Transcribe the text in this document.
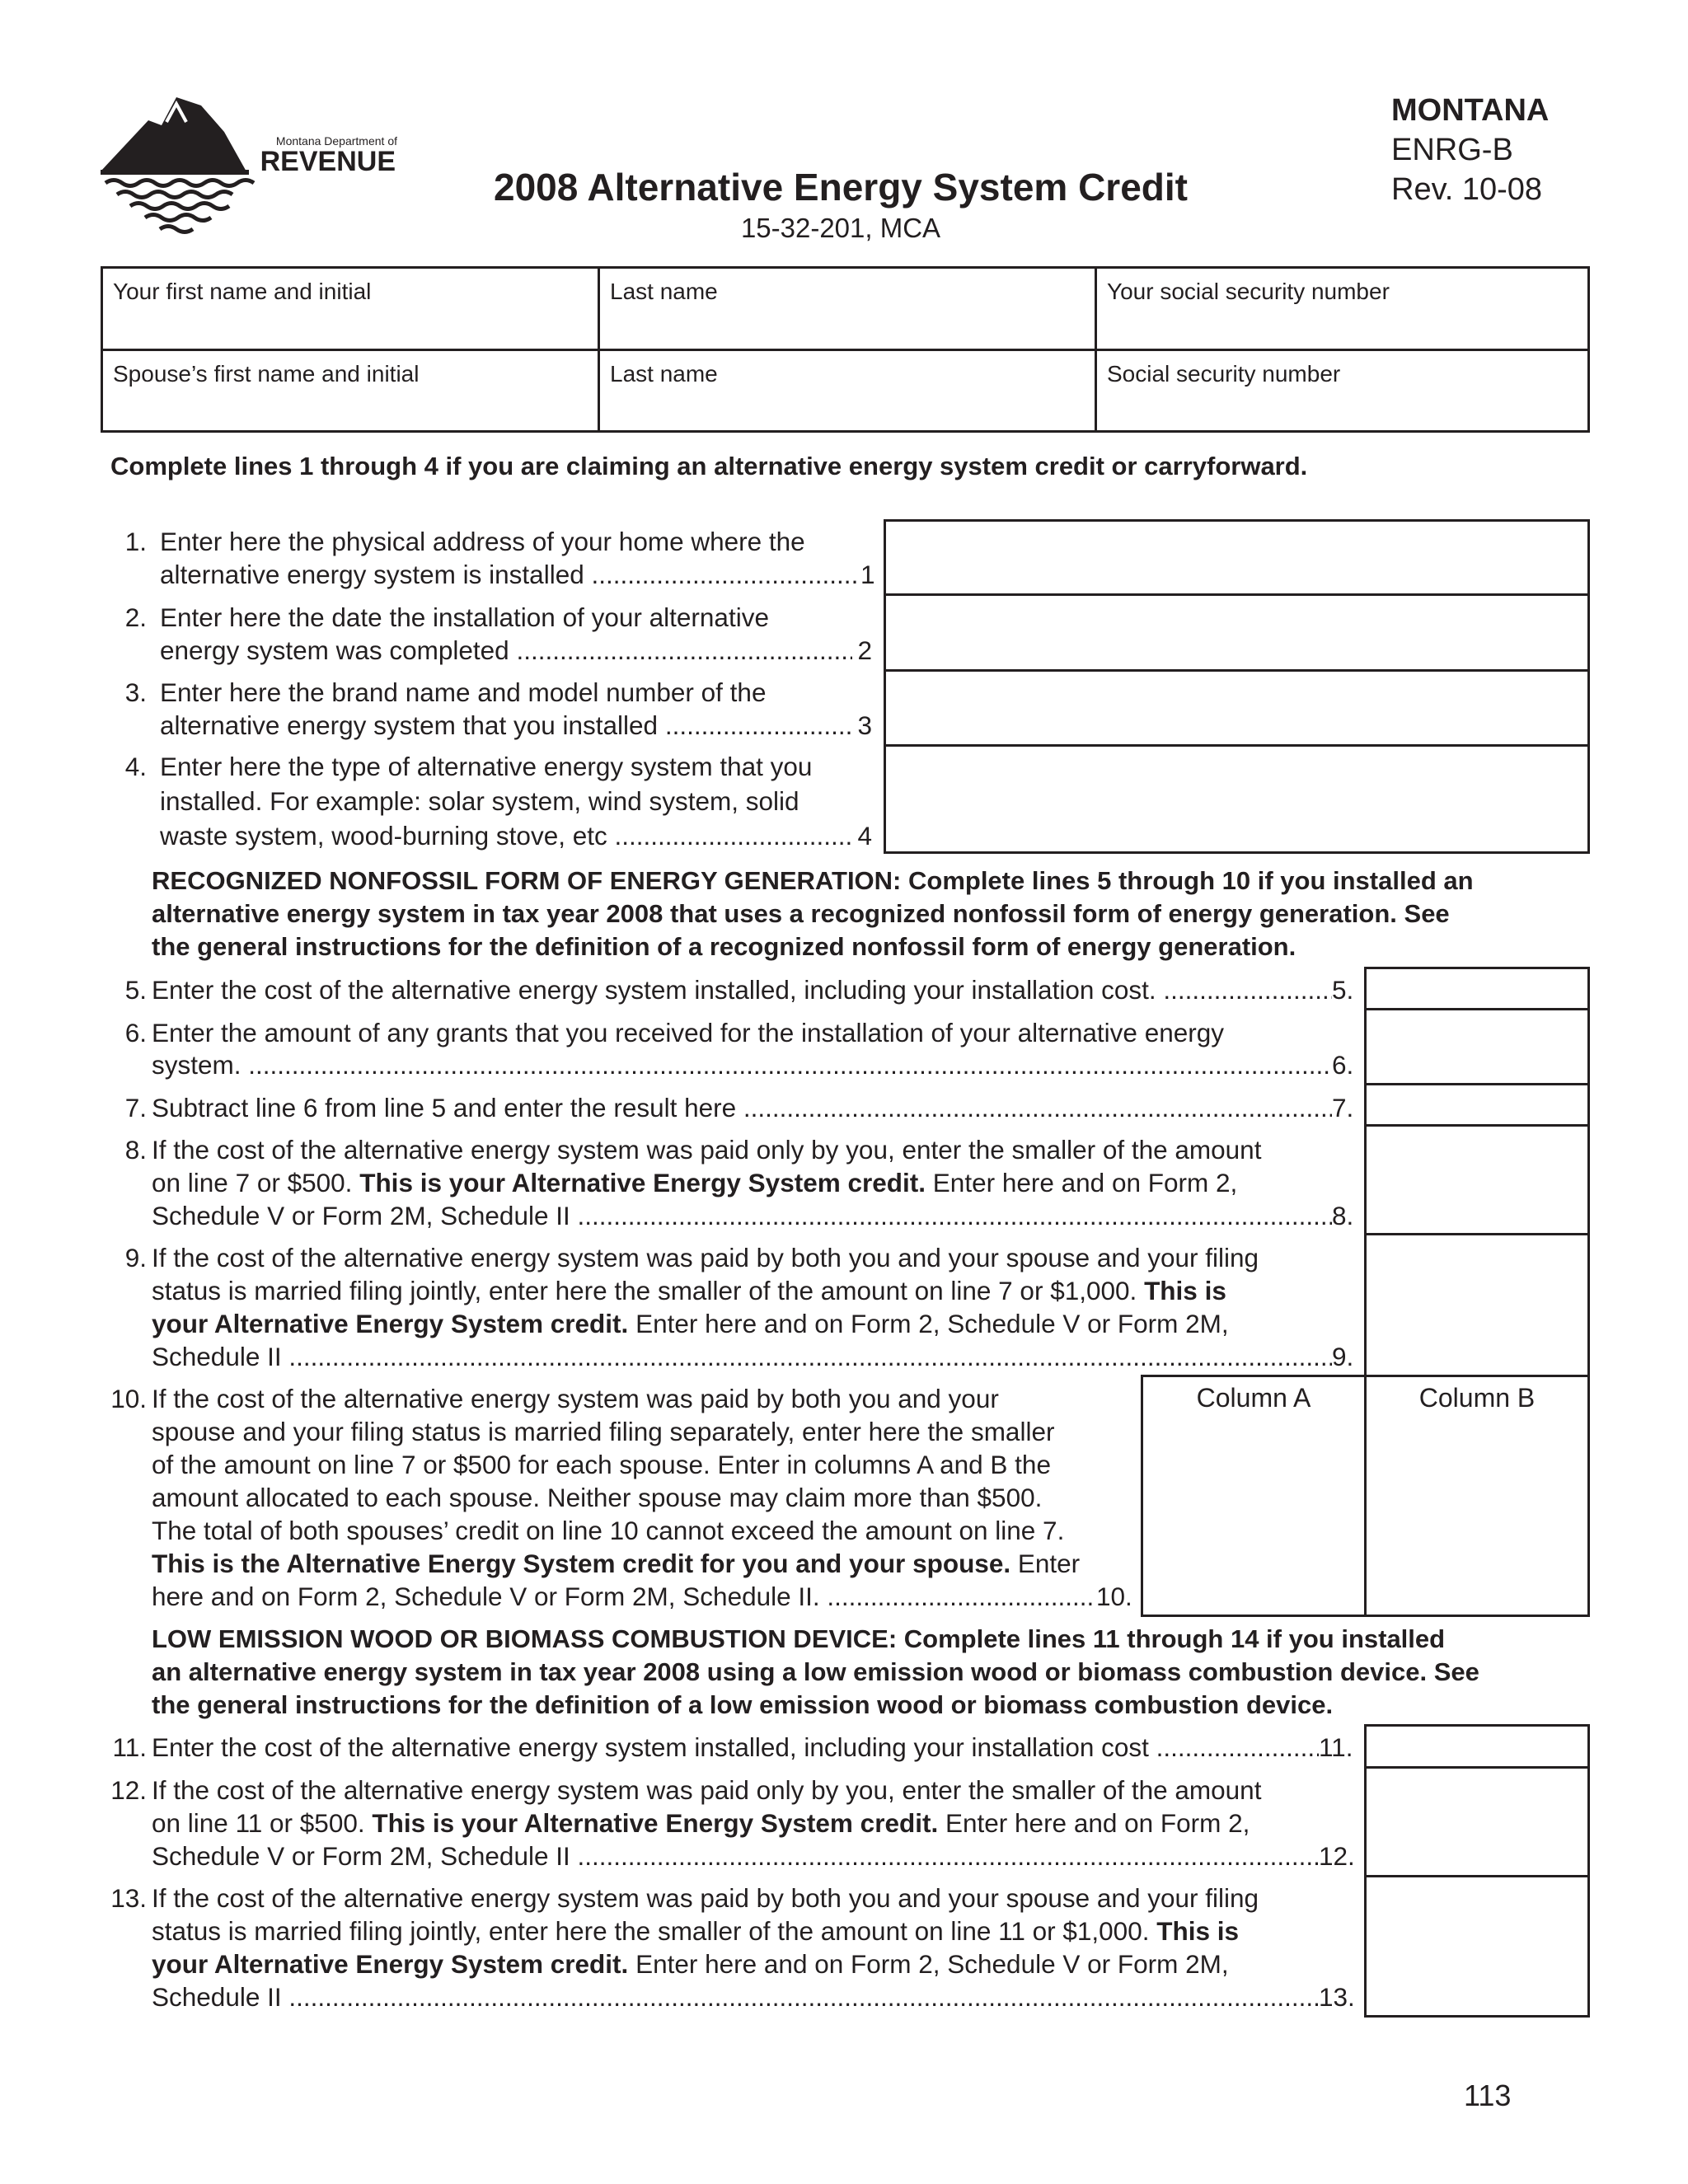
Montana Department of
REVENUE
2008 Alternative Energy System Credit
15-32-201, MCA
MONTANA
ENRG-B
Rev. 10-08
Your first name and initial	Last name	Your social security number
Spouse’s first name and initial	Last name	Social security number
Complete lines 1 through 4 if you are claiming an alternative energy system credit or carryforward.
1. Enter here the physical address of your home where the
alternative energy system is installed .....	1
2. Enter here the date the installation of your alternative
energy system was completed .....	2
3. Enter here the brand name and model number of the
alternative energy system that you installed .....	3
4. Enter here the type of alternative energy system that you
installed. For example: solar system, wind system, solid
waste system, wood-burning stove, etc .....	4
RECOGNIZED NONFOSSIL FORM OF ENERGY GENERATION: Complete lines 5 through 10 if you installed an
alternative energy system in tax year 2008 that uses a recognized nonfossil form of energy generation. See
the general instructions for the definition of a recognized nonfossil form of energy generation.
5. Enter the cost of the alternative energy system installed, including your installation cost. .....	5.
6. Enter the amount of any grants that you received for the installation of your alternative energy
system. .....	6.
7. Subtract line 6 from line 5 and enter the result here .....	7.
8. If the cost of the alternative energy system was paid only by you, enter the smaller of the amount
on line 7 or $500. This is your Alternative Energy System credit. Enter here and on Form 2,
Schedule V or Form 2M, Schedule II .....	8.
9. If the cost of the alternative energy system was paid by both you and your spouse and your filing
status is married filing jointly, enter here the smaller of the amount on line 7 or $1,000. This is
your Alternative Energy System credit. Enter here and on Form 2, Schedule V or Form 2M,
Schedule II .....	9.
10. If the cost of the alternative energy system was paid by both you and your
spouse and your filing status is married filing separately, enter here the smaller
of the amount on line 7 or $500 for each spouse. Enter in columns A and B the
amount allocated to each spouse. Neither spouse may claim more than $500.
The total of both spouses’ credit on line 10 cannot exceed the amount on line 7.
This is the Alternative Energy System credit for you and your spouse. Enter
here and on Form 2, Schedule V or Form 2M, Schedule II. .....	10.
Column A	Column B
LOW EMISSION WOOD OR BIOMASS COMBUSTION DEVICE: Complete lines 11 through 14 if you installed
an alternative energy system in tax year 2008 using a low emission wood or biomass combustion device. See
the general instructions for the definition of a low emission wood or biomass combustion device.
11. Enter the cost of the alternative energy system installed, including your installation cost .....	11.
12. If the cost of the alternative energy system was paid only by you, enter the smaller of the amount
on line 11 or $500. This is your Alternative Energy System credit. Enter here and on Form 2,
Schedule V or Form 2M, Schedule II .....	12.
13. If the cost of the alternative energy system was paid by both you and your spouse and your filing
status is married filing jointly, enter here the smaller of the amount on line 11 or $1,000. This is
your Alternative Energy System credit. Enter here and on Form 2, Schedule V or Form 2M,
Schedule II .....	13.
113
